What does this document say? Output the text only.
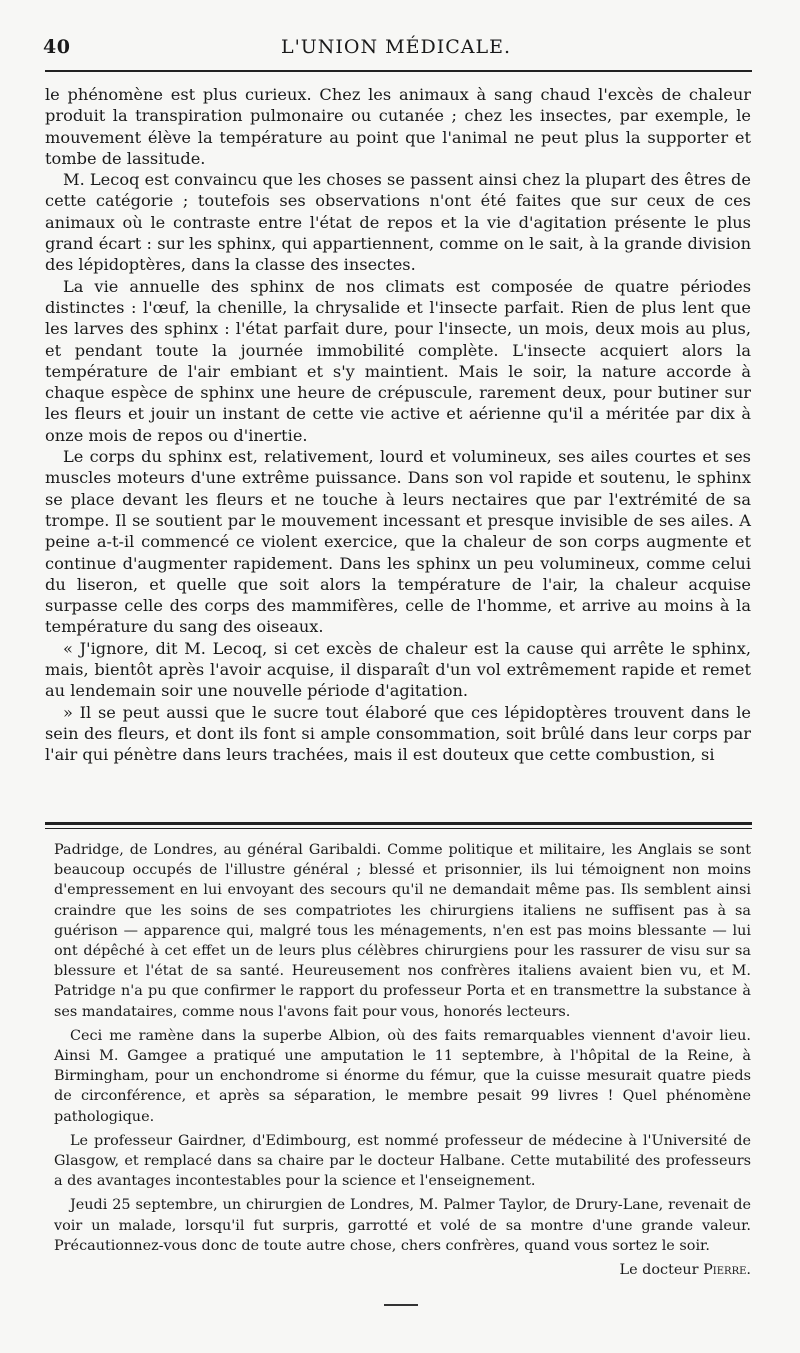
40	L'UNION MÉDICALE.

le phénomène est plus curieux. Chez les animaux à sang chaud l'excès de chaleur produit la transpiration pulmonaire ou cutanée ; chez les insectes, par exemple, le mouvement élève la température au point que l'animal ne peut plus la supporter et tombe de lassitude.

M. Lecoq est convaincu que les choses se passent ainsi chez la plupart des êtres de cette catégorie ; toutefois ses observations n'ont été faites que sur ceux de ces animaux où le contraste entre l'état de repos et la vie d'agitation présente le plus grand écart : sur les sphinx, qui appartiennent, comme on le sait, à la grande division des lépidoptères, dans la classe des insectes.

La vie annuelle des sphinx de nos climats est composée de quatre périodes distinctes : l'œuf, la chenille, la chrysalide et l'insecte parfait. Rien de plus lent que les larves des sphinx : l'état parfait dure, pour l'insecte, un mois, deux mois au plus, et pendant toute la journée immobilité complète. L'insecte acquiert alors la température de l'air embiant et s'y maintient. Mais le soir, la nature accorde à chaque espèce de sphinx une heure de crépuscule, rarement deux, pour butiner sur les fleurs et jouir un instant de cette vie active et aérienne qu'il a méritée par dix à onze mois de repos ou d'inertie.

Le corps du sphinx est, relativement, lourd et volumineux, ses ailes courtes et ses muscles moteurs d'une extrême puissance. Dans son vol rapide et soutenu, le sphinx se place devant les fleurs et ne touche à leurs nectaires que par l'extrémité de sa trompe. Il se soutient par le mouvement incessant et presque invisible de ses ailes. A peine a-t-il commencé ce violent exercice, que la chaleur de son corps augmente et continue d'augmenter rapidement. Dans les sphinx un peu volumineux, comme celui du liseron, et quelle que soit alors la température de l'air, la chaleur acquise surpasse celle des corps des mammifères, celle de l'homme, et arrive au moins à la température du sang des oiseaux.

« J'ignore, dit M. Lecoq, si cet excès de chaleur est la cause qui arrête le sphinx, mais, bientôt après l'avoir acquise, il disparaît d'un vol extrêmement rapide et remet au lendemain soir une nouvelle période d'agitation.

» Il se peut aussi que le sucre tout élaboré que ces lépidoptères trouvent dans le sein des fleurs, et dont ils font si ample consommation, soit brûlé dans leur corps par l'air qui pénètre dans leurs trachées, mais il est douteux que cette combustion, si

Padridge, de Londres, au général Garibaldi. Comme politique et militaire, les Anglais se sont beaucoup occupés de l'illustre général ; blessé et prisonnier, ils lui témoignent non moins d'empressement en lui envoyant des secours qu'il ne demandait même pas. Ils semblent ainsi craindre que les soins de ses compatriotes les chirurgiens italiens ne suffisent pas à sa guérison — apparence qui, malgré tous les ménagements, n'en est pas moins blessante — lui ont dépêché à cet effet un de leurs plus célèbres chirurgiens pour les rassurer de visu sur sa blessure et l'état de sa santé. Heureusement nos confrères italiens avaient bien vu, et M. Patridge n'a pu que confirmer le rapport du professeur Porta et en transmettre la substance à ses mandataires, comme nous l'avons fait pour vous, honorés lecteurs.

Ceci me ramène dans la superbe Albion, où des faits remarquables viennent d'avoir lieu. Ainsi M. Gamgee a pratiqué une amputation le 11 septembre, à l'hôpital de la Reine, à Birmingham, pour un enchondrome si énorme du fémur, que la cuisse mesurait quatre pieds de circonférence, et après sa séparation, le membre pesait 99 livres ! Quel phénomène pathologique.

Le professeur Gairdner, d'Edimbourg, est nommé professeur de médecine à l'Université de Glasgow, et remplacé dans sa chaire par le docteur Halbane. Cette mutabilité des professeurs a des avantages incontestables pour la science et l'enseignement.

Jeudi 25 septembre, un chirurgien de Londres, M. Palmer Taylor, de Drury-Lane, revenait de voir un malade, lorsqu'il fut surpris, garrotté et volé de sa montre d'une grande valeur. Précautionnez-vous donc de toute autre chose, chers confrères, quand vous sortez le soir.

Le docteur Pierre.
